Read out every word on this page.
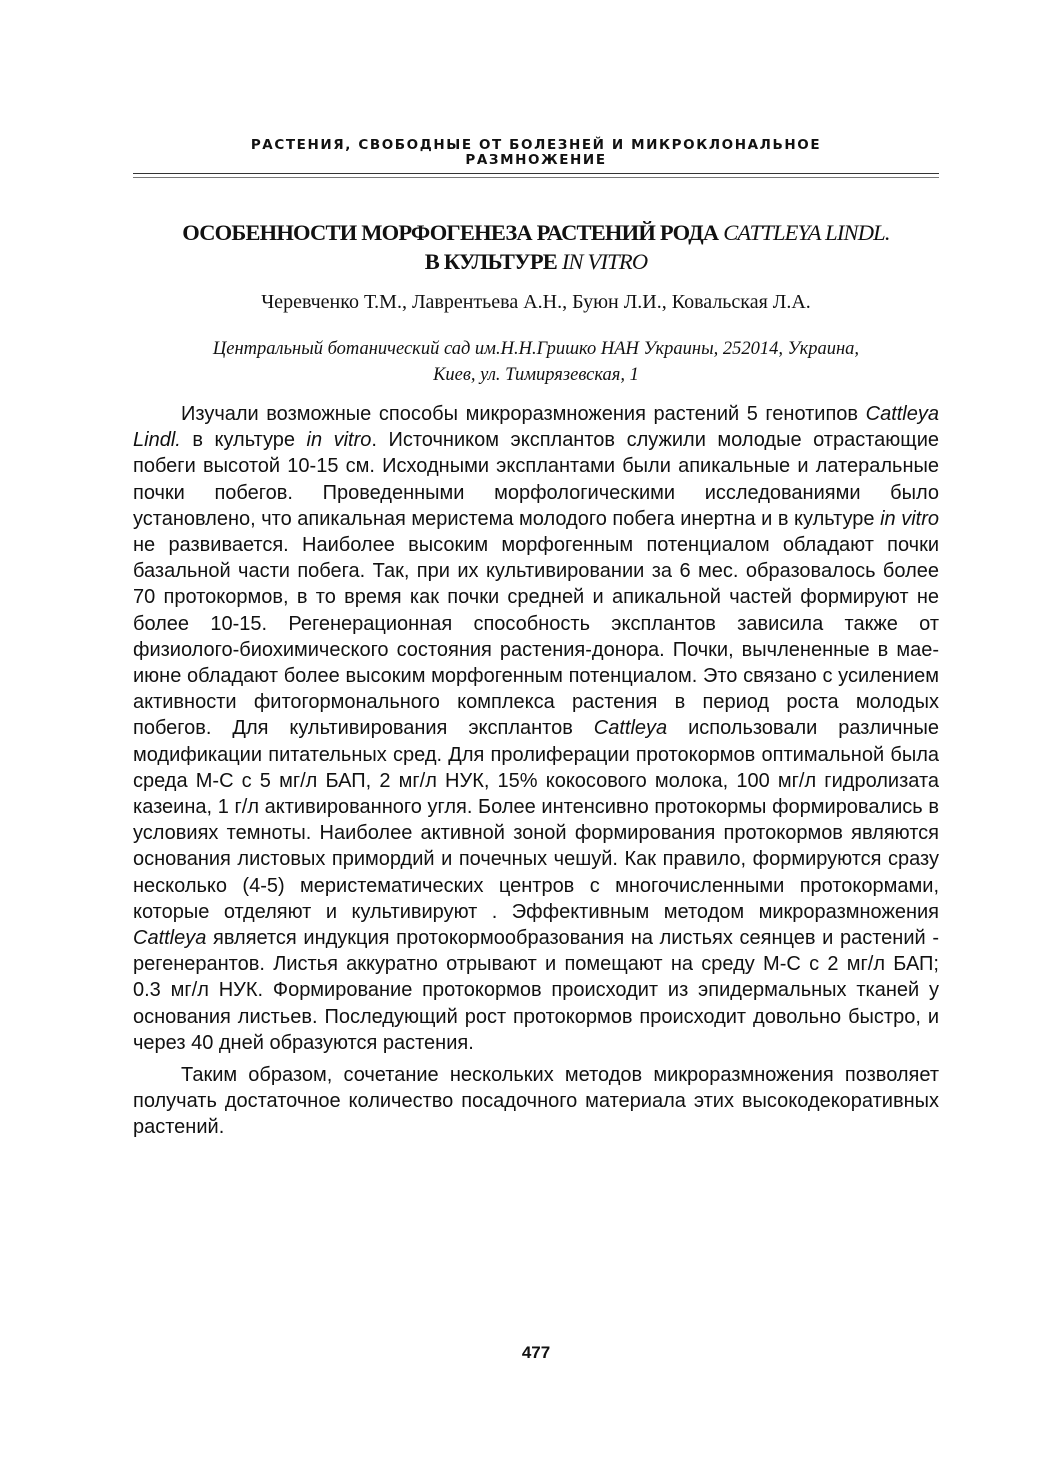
РАСТЕНИЯ, СВОБОДНЫЕ ОТ БОЛЕЗНЕЙ И МИКРОКЛОНАЛЬНОЕ
РАЗМНОЖЕНИЕ
ОСОБЕННОСТИ МОРФОГЕНЕЗА РАСТЕНИЙ РОДА CATTLEYA LINDL.
В КУЛЬТУРЕ IN VITRO
Черевченко Т.М., Лаврентьева А.Н., Буюн Л.И., Ковальская Л.А.
Центральный ботанический сад им.Н.Н.Гришко НАН Украины, 252014, Украина,
Киев, ул. Тимирязевская, 1

Изучали возможные способы микроразмножения растений 5 генотипов Cattleya Lindl. в культуре in vitro. Источником эксплантов служили молодые отрастающие побеги высотой 10-15 см. Исходными эксплантами были апикальные и латеральные почки побегов. Проведенными морфологическими исследованиями было установлено, что апикальная меристема молодого побега инертна и в культуре in vitro не развивается. Наиболее высоким морфогенным потенциалом обладают почки базальной части побега. Так, при их культивировании за 6 мес. образовалось более 70 протокормов, в то время как почки средней и апикальной частей формируют не более 10-15. Регенерационная способность эксплантов зависила также от физиолого-биохимического состояния растения-донора. Почки, вычлененные в мае-июне обладают более высоким морфогенным потенциалом. Это связано с усилением активности фитогормонального комплекса растения в период роста молодых побегов. Для культивирования эксплантов Cattleya использовали различные модификации питательных сред. Для пролиферации протокормов оптимальной была среда М-С с 5 мг/л БАП, 2 мг/л НУК, 15% кокосового молока, 100 мг/л гидролизата казеина, 1 г/л активированного угля. Более интенсивно протокормы формировались в условиях темноты. Наиболее активной зоной формирования протокормов являются основания листовых примордий и почечных чешуй. Как правило, формируются сразу несколько (4-5) меристематических центров с многочисленными протокормами, которые отделяют и культивируют . Эффективным методом микроразмножения Cattleya является индукция протокормообразования на листьях сеянцев и растений - регенерантов. Листья аккуратно отрывают и помещают на среду М-С с 2 мг/л БАП; 0.3 мг/л НУК. Формирование протокормов происходит из эпидермальных тканей у основания листьев. Последующий рост протокормов происходит довольно быстро, и через 40 дней образуются растения.

Таким образом, сочетание нескольких методов микроразмножения позволяет получать достаточное количество посадочного материала этих высокодекоративных растений.

477
